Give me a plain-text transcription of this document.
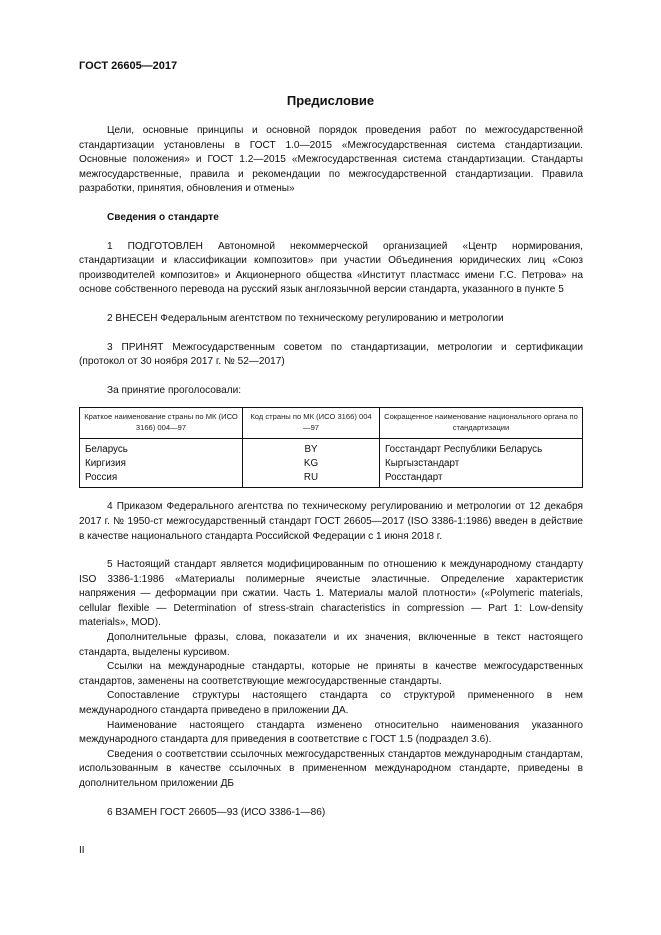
ГОСТ 26605—2017
Предисловие

Цели, основные принципы и основной порядок проведения работ по межгосударственной стандартизации установлены в ГОСТ 1.0—2015 «Межгосударственная система стандартизации. Основные положения» и ГОСТ 1.2—2015 «Межгосударственная система стандартизации. Стандарты межгосударственные, правила и рекомендации по межгосударственной стандартизации. Правила разработки, принятия, обновления и отмены»

Сведения о стандарте

1 ПОДГОТОВЛЕН Автономной некоммерческой организацией «Центр нормирования, стандартизации и классификации композитов» при участии Объединения юридических лиц «Союз производителей композитов» и Акционерного общества «Институт пластмасс имени Г.С. Петрова» на основе собственного перевода на русский язык англоязычной версии стандарта, указанного в пункте 5

2 ВНЕСЕН Федеральным агентством по техническому регулированию и метрологии

3 ПРИНЯТ Межгосударственным советом по стандартизации, метрологии и сертификации (протокол от 30 ноября 2017 г. № 52—2017)

За принятие проголосовали:

Краткое наименование страны по МК (ИСО 3166) 004—97	Код страны по МК (ИСО 3166) 004—97	Сокращенное наименование национального органа по стандартизации
Беларусь	BY	Госстандарт Республики Беларусь
Киргизия	KG	Кыргызстандарт
Россия	RU	Росстандарт

4 Приказом Федерального агентства по техническому регулированию и метрологии от 12 декабря 2017 г. № 1950-ст межгосударственный стандарт ГОСТ 26605—2017 (ISO 3386-1:1986) введен в действие в качестве национального стандарта Российской Федерации с 1 июня 2018 г.

5 Настоящий стандарт является модифицированным по отношению к международному стандарту ISO 3386-1:1986 «Материалы полимерные ячеистые эластичные. Определение характеристик напряжения — деформации при сжатии. Часть 1. Материалы малой плотности» («Polymeric materials, cellular flexible — Determination of stress-strain characteristics in compression — Part 1: Low-density materials», MOD).

Дополнительные фразы, слова, показатели и их значения, включенные в текст настоящего стандарта, выделены курсивом.

Ссылки на международные стандарты, которые не приняты в качестве межгосударственных стандартов, заменены на соответствующие межгосударственные стандарты.

Сопоставление структуры настоящего стандарта со структурой примененного в нем международного стандарта приведено в приложении ДА.

Наименование настоящего стандарта изменено относительно наименования указанного международного стандарта для приведения в соответствие с ГОСТ 1.5 (подраздел 3.6).

Сведения о соответствии ссылочных межгосударственных стандартов международным стандартам, использованным в качестве ссылочных в примененном международном стандарте, приведены в дополнительном приложении ДБ

6 ВЗАМЕН ГОСТ 26605—93 (ИСО 3386-1—86)

II
